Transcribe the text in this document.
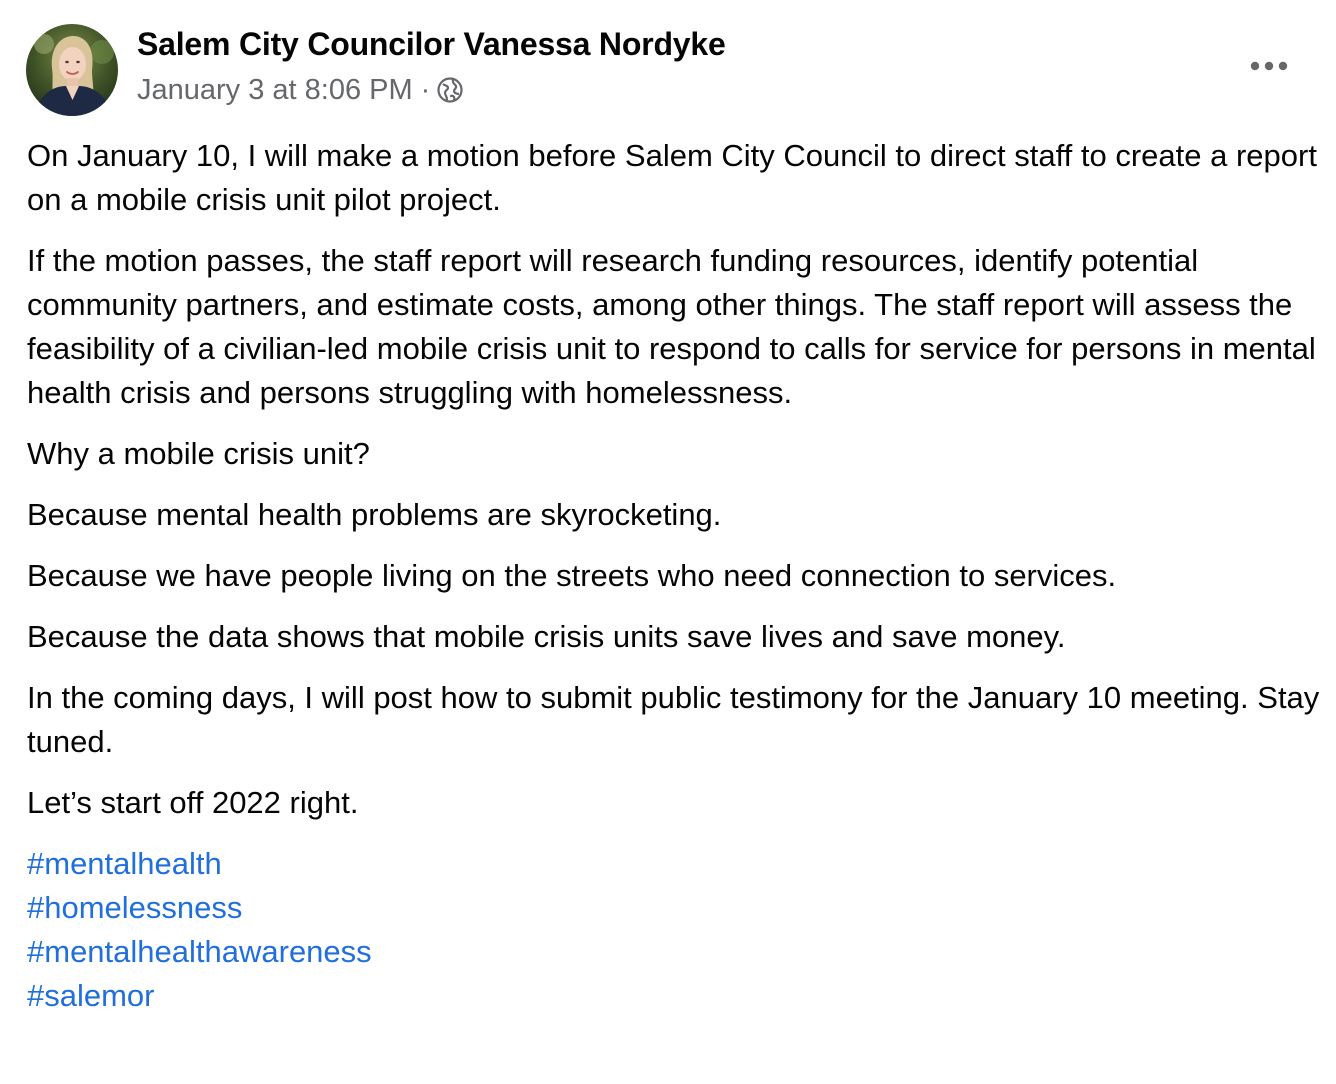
Salem City Councilor Vanessa Nordyke
January 3 at 8:06 PM ·

On January 10, I will make a motion before Salem City Council to direct staff to create a report on a mobile crisis unit pilot project.

If the motion passes, the staff report will research funding resources, identify potential community partners, and estimate costs, among other things. The staff report will assess the feasibility of a civilian-led mobile crisis unit to respond to calls for service for persons in mental health crisis and persons struggling with homelessness.

Why a mobile crisis unit?

Because mental health problems are skyrocketing.

Because we have people living on the streets who need connection to services.

Because the data shows that mobile crisis units save lives and save money.

In the coming days, I will post how to submit public testimony for the January 10 meeting. Stay tuned.

Let’s start off 2022 right.

#mentalhealth
#homelessness
#mentalhealthawareness
#salemor
